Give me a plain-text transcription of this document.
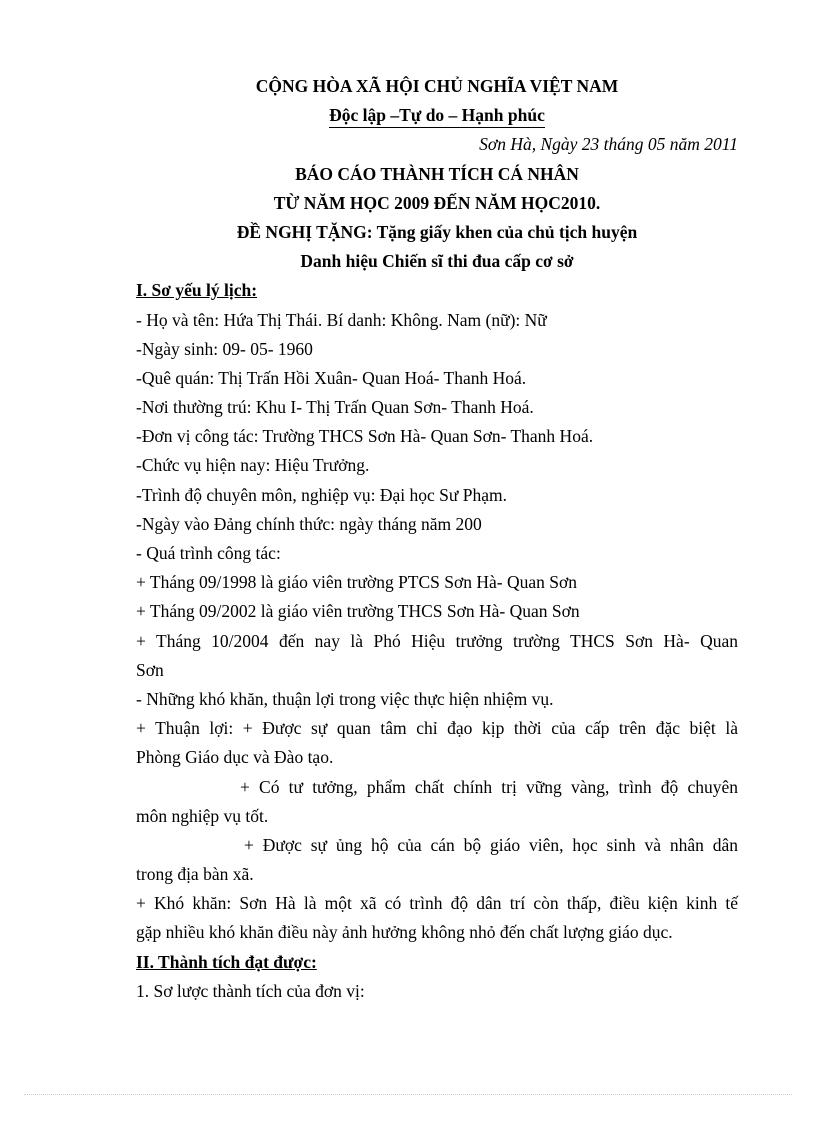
CỘNG HÒA XÃ HỘI CHỦ NGHĨA VIỆT NAM
Độc lập –Tự do – Hạnh phúc
Sơn Hà, Ngày 23 tháng 05 năm 2011
BÁO CÁO THÀNH TÍCH CÁ NHÂN
TỪ NĂM HỌC 2009 ĐẾN NĂM HỌC2010.
ĐỀ NGHỊ TẶNG: Tặng giấy khen của chủ tịch huyện
Danh hiệu Chiến sĩ thi đua cấp cơ sở
I. Sơ yếu lý lịch:
- Họ và tên: Hứa Thị Thái. Bí danh: Không. Nam (nữ): Nữ
-Ngày sinh: 09- 05- 1960
-Quê quán: Thị Trấn Hồi Xuân- Quan Hoá- Thanh Hoá.
-Nơi thường trú: Khu I- Thị Trấn Quan Sơn- Thanh Hoá.
-Đơn vị công tác: Trường THCS Sơn Hà- Quan Sơn- Thanh Hoá.
-Chức vụ hiện nay: Hiệu Trưởng.
-Trình độ chuyên môn, nghiệp vụ: Đại học Sư Phạm.
-Ngày vào Đảng chính thức: ngày tháng năm 200
- Quá trình công tác:
+ Tháng 09/1998 là giáo viên trường PTCS Sơn Hà- Quan Sơn
+ Tháng 09/2002 là giáo viên trường THCS Sơn Hà- Quan Sơn
+ Tháng 10/2004 đến nay là Phó Hiệu trưởng trường THCS Sơn Hà- Quan
Sơn
- Những khó khăn, thuận lợi trong việc thực hiện nhiệm vụ.
+ Thuận lợi: + Được sự quan tâm chỉ đạo kịp thời của cấp trên đặc biệt là
Phòng Giáo dục và Đào tạo.
+ Có tư tưởng, phẩm chất chính trị vững vàng, trình độ chuyên
môn nghiệp vụ tốt.
+ Được sự ủng hộ của cán bộ giáo viên, học sinh và nhân dân
trong địa bàn xã.
+ Khó khăn: Sơn Hà là một xã có trình độ dân trí còn thấp, điều kiện kinh tế
gặp nhiều khó khăn điều này ảnh hưởng không nhỏ đến chất lượng giáo dục.
II. Thành tích đạt được:
1. Sơ lược thành tích của đơn vị:
